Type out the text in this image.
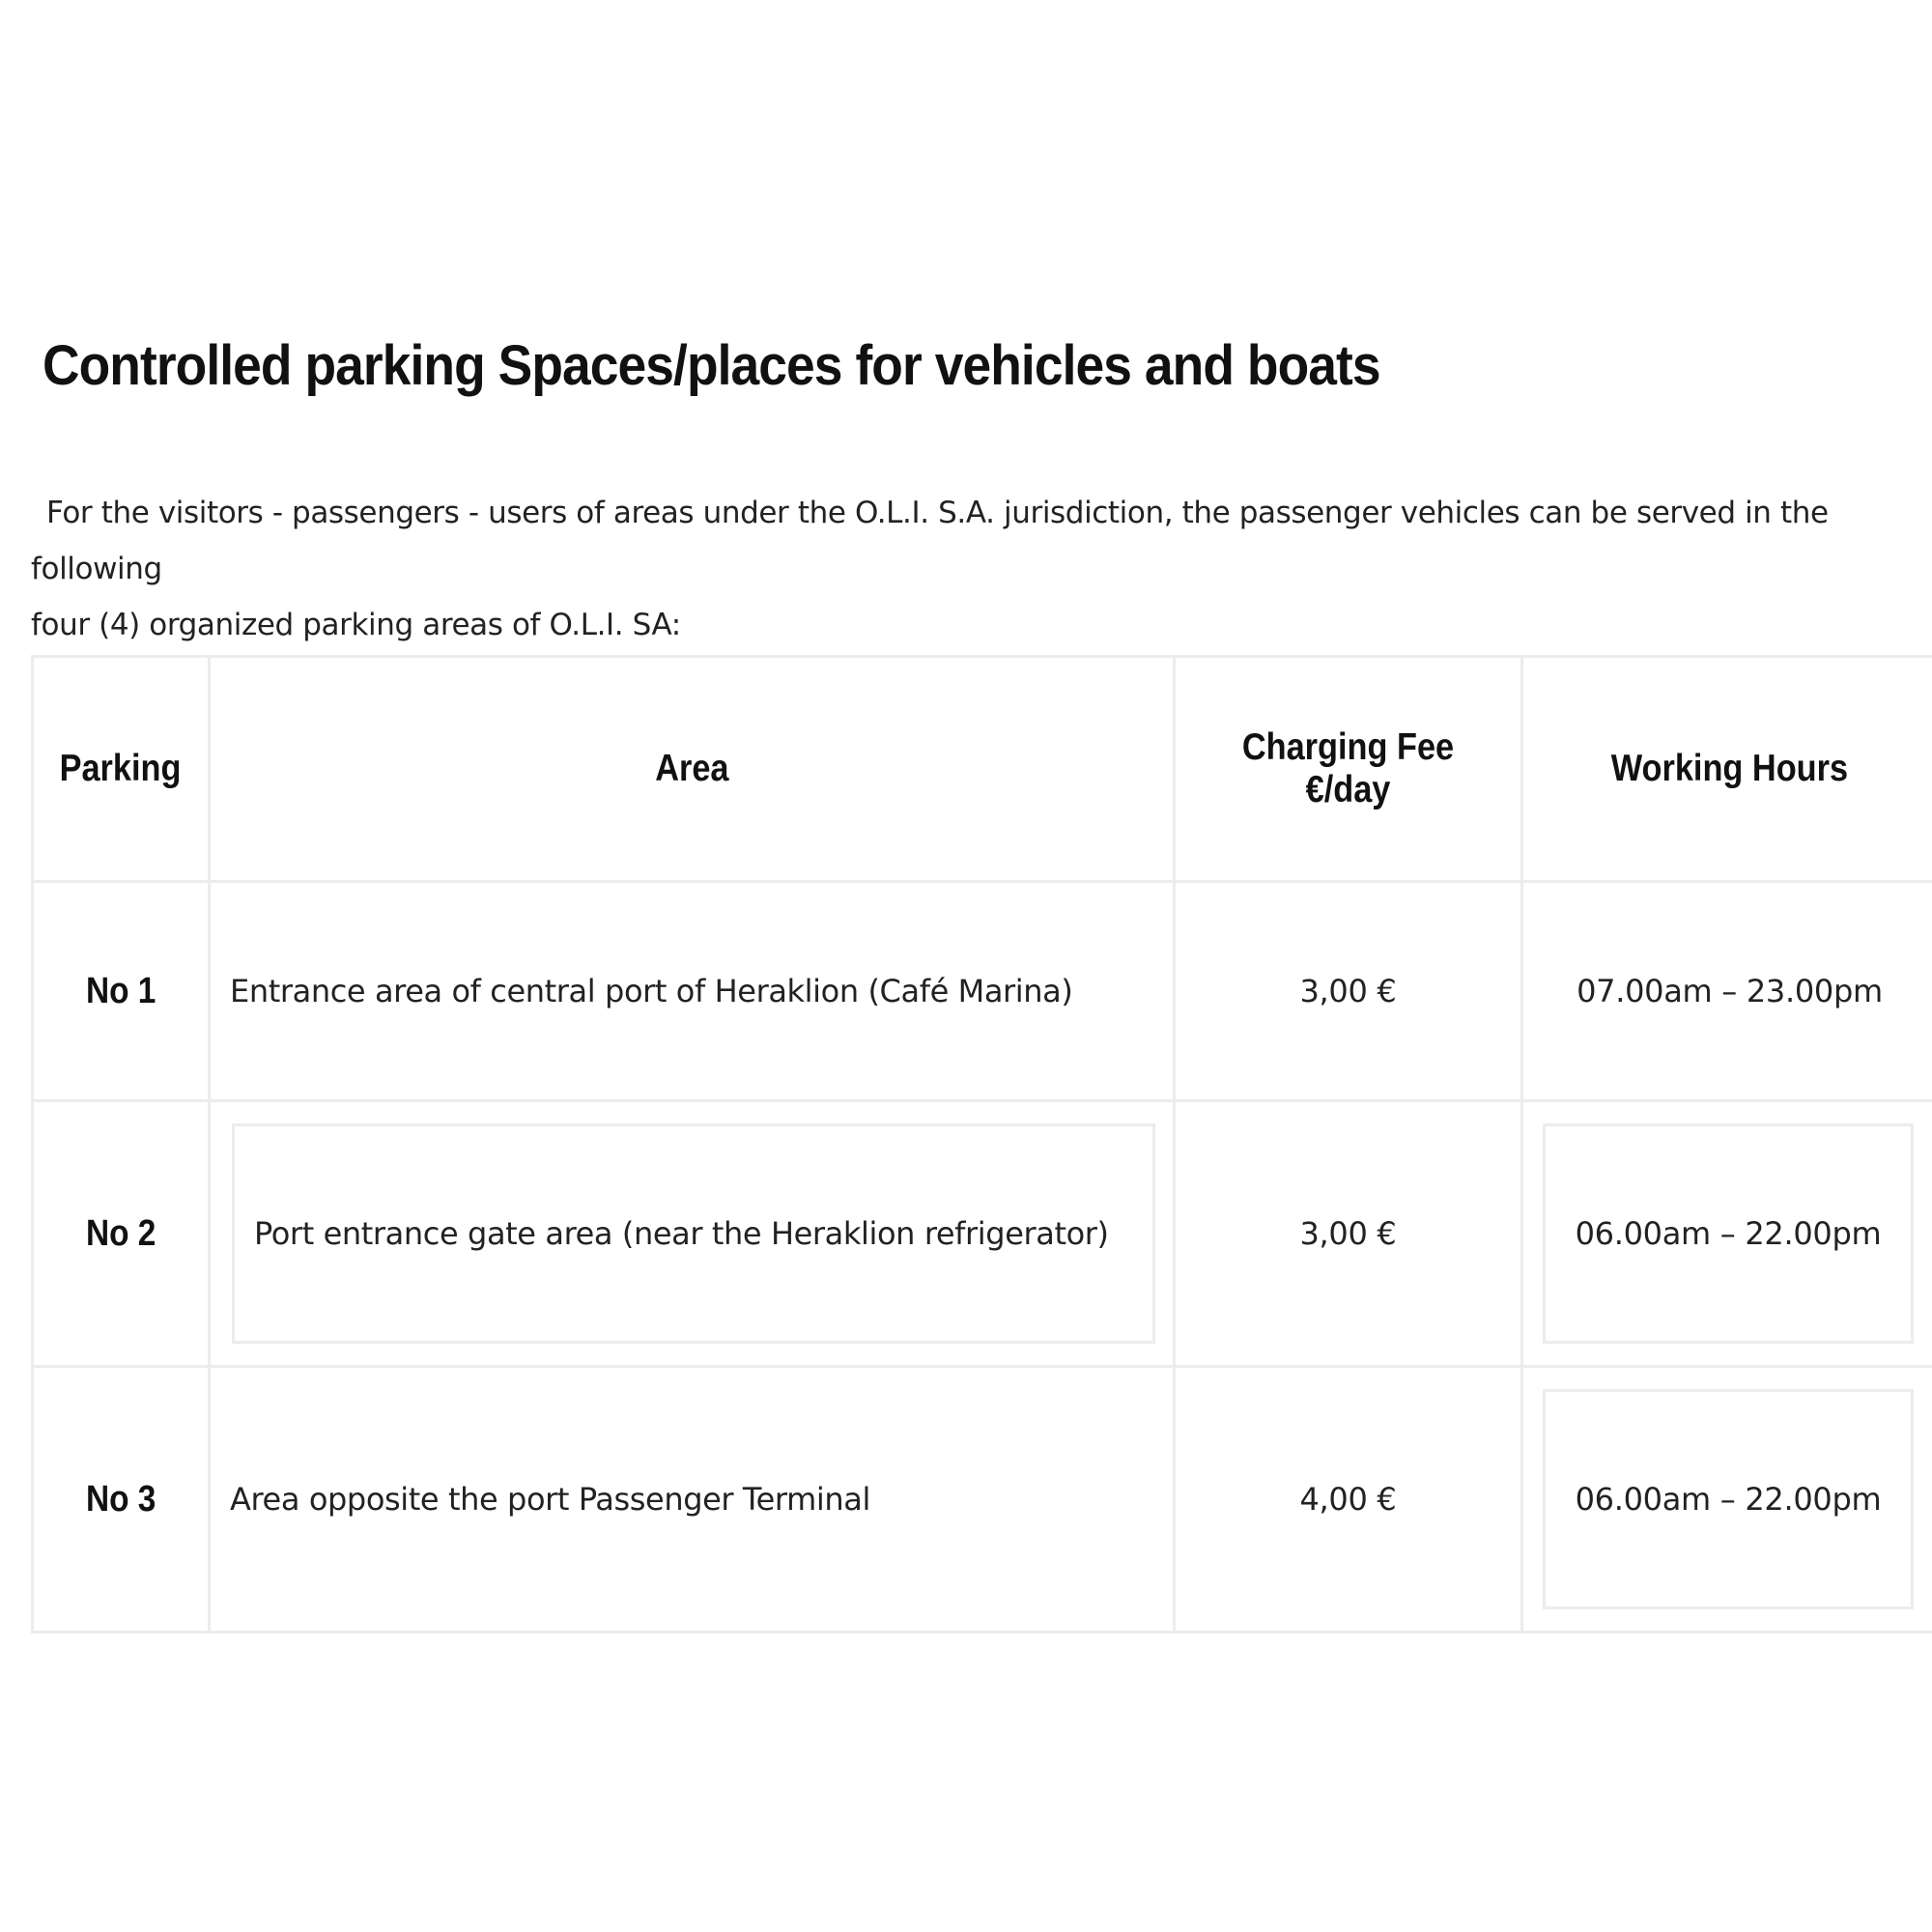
Controlled parking Spaces/places for vehicles and boats

For the visitors - passengers - users of areas under the O.L.I. S.A. jurisdiction, the passenger vehicles can be served in the following
four (4) organized parking areas of O.L.I. SA:

Parking	Area	Charging Fee €/day	Working Hours
No 1	Entrance area of central port of Heraklion (Café Marina)	3,00 €	07.00am – 23.00pm
No 2	Port entrance gate area (near the Heraklion refrigerator)	3,00 €	06.00am – 22.00pm

No 3	Area opposite the port Passenger Terminal	4,00 €	06.00am – 22.00pm
